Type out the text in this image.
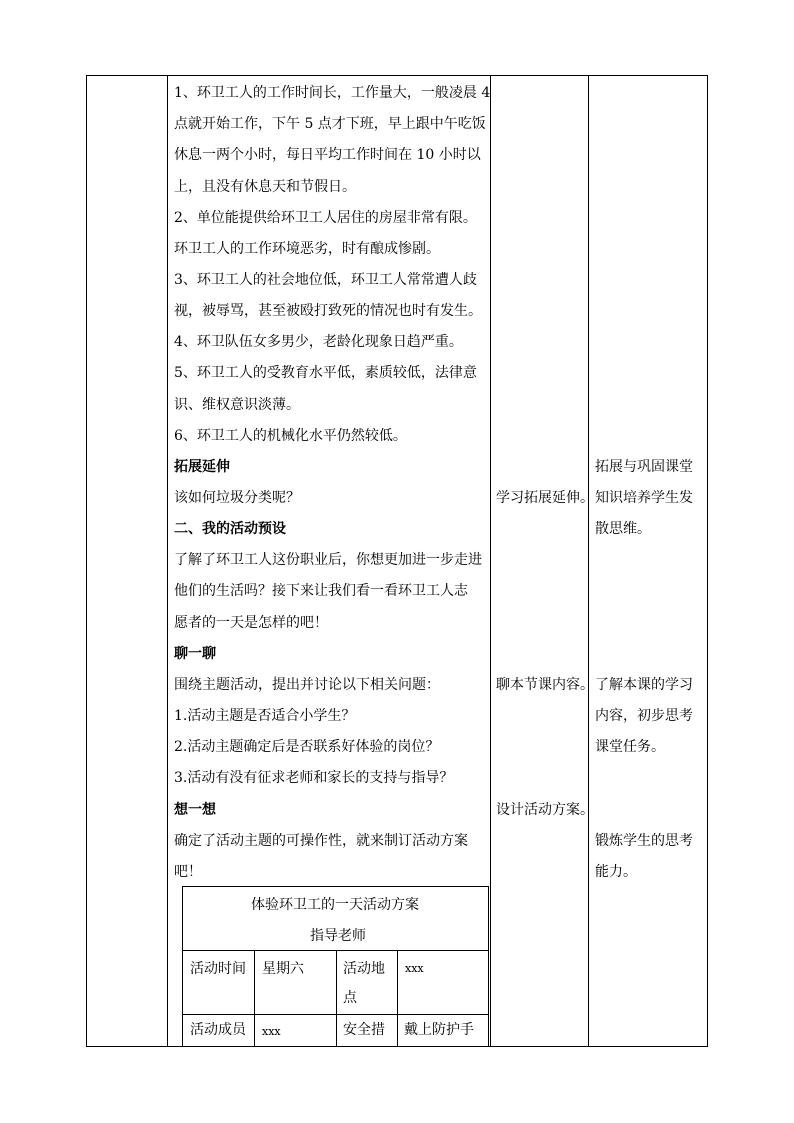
1、环卫工人的工作时间长，工作量大，一般凌晨 4
点就开始工作，下午 5 点才下班，早上跟中午吃饭
休息一两个小时，每日平均工作时间在 10 小时以
上，且没有休息天和节假日。
2、单位能提供给环卫工人居住的房屋非常有限。
环卫工人的工作环境恶劣，时有酿成惨剧。
3、环卫工人的社会地位低，环卫工人常常遭人歧
视，被辱骂，甚至被殴打致死的情况也时有发生。
4、环卫队伍女多男少，老龄化现象日趋严重。
5、环卫工人的受教育水平低，素质较低，法律意
识、维权意识淡薄。
6、环卫工人的机械化水平仍然较低。
拓展延伸
该如何垃圾分类呢？
二、我的活动预设
了解了环卫工人这份职业后，你想更加进一步走进
他们的生活吗？接下来让我们看一看环卫工人志
愿者的一天是怎样的吧！
聊一聊
围绕主题活动，提出并讨论以下相关问题：
1.活动主题是否适合小学生？
2.活动主题确定后是否联系好体验的岗位？
3.活动有没有征求老师和家长的支持与指导？
想一想
确定了活动主题的可操作性，就来制订活动方案
吧！
学习拓展延伸。
聊本节课内容。
设计活动方案。
拓展与巩固课堂
知识培养学生发
散思维。
了解本课的学习
内容，初步思考
课堂任务。
锻炼学生的思考
能力。
体验环卫工的一天活动方案
指导老师
活动时间 星期六	活动地
点
xxx
活动成员 xxx	安全措 戴上防护手
